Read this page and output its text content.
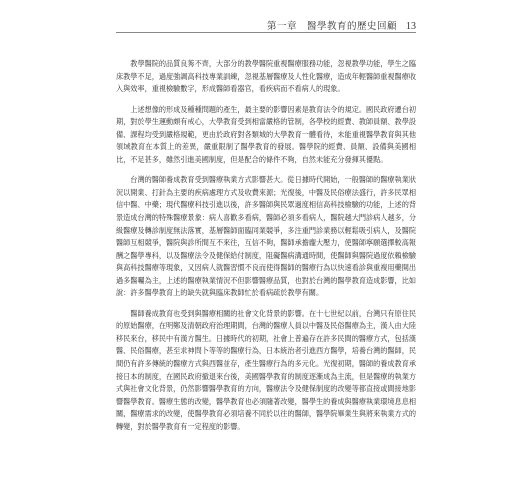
第一章　醫學教育的歷史回顧 13

教學醫院的品質良莠不齊，大部分的教學醫院重視醫療服務功能，忽視教學功能，學生之臨床教學不足，過度強調高科技專業訓練，忽視基層醫療及人性化醫療，造成年輕醫師重視醫療收入與效率，重視檢驗數字，形成醫師看器官，看疾病而不看病人的現象。

上述想像的形成及種種問題的產生，最主要的影響因素是教育法令的規定。國民政府遷台初期，對於學生運動頗有戒心，大學教育受到相當嚴格的管制，各學校的經費、教師員額、教學設備、課程均受到嚴格規範，更由於政府對各類城的大學教育一體看待，未能重視醫學教育與其他領域教育在本質上的差異，嚴重限制了醫學教育的發展。醫學院的經費、員額、設備與美國相比，不足甚多，雖然引進美國制度，但是配合的條件不夠，自然未能充分發揮其優點。

台灣的醫師養成教育受到醫療執業方式影響甚大。從日據時代開始，一般醫師的醫療執業狀況以開業、打針為主要的疾病處理方式及收費來源；光復後，中醫及民俗療法盛行，許多民眾相信中醫、中藥；現代醫療科技引進以後，許多醫師與民眾過度相信高科技檢驗的功能，上述的背景造成台灣的特殊醫療景象：病人喜歡多看病，醫師必須多看病人，醫院越大門診病人越多，分級醫療及轉診制度無法落實，基層醫師面臨同業競爭，多注重門診業務以輕鬆吸引病人，及醫院醫師互相競爭，醫院與診所間互不來往，互信不夠，醫師承擔龐大壓力，使醫師寧願選擇較高報酬之醫學專科，以及醫療法令及健保給付制度，阻礙醫病溝通時間，使醫師與醫院過度依賴檢驗與高科技醫療等現象，又因病人就醫習慣不良而使得醫師的醫療行為以快速看診與重複用藥開出過多醫囑為主，上述的醫療執業情況不但影響醫療品質，也對於台灣的醫學教育造成影響，比如說：許多醫學教育上的缺失就與臨床教師忙於看病疏於教學有關。

醫師養成教育也受到與醫療相關的社會文化背景的影響。在十七世紀以前，台灣只有原住民的原始醫療，在明鄭及清朝政府治理期間，台灣的醫療人員以中醫及民俗醫療為主，漢人由大陸移民來台，移民中有漢方醫生。日據時代的初期，社會上普遍存在許多民間的醫療方式，包括漢醫、民俗醫療，甚至求神問卜等等的醫療行為，日本統治者引進西方醫學，培養台灣的醫師，民間仍有許多傳統的醫療方式與西醫並存，產生醫療行為的多元化。光復初期，醫師的養成教育承接日本的制度，在國民政府撤退來台後，美國醫學教育的制度逐漸成為主流，但是醫療的執業方式與社會文化背景，仍然影響醫學教育的方向，醫療法令及健保制度的改變等都直接或間接地影響醫學教育。醫療生態的改變，醫學教育也必須隨著改變，醫學生的養成與醫療執業環境息息相關，醫療需求的改變，使醫學教育必須培養不同於以往的醫師，醫學院畢業生與將來執業方式的轉變，對於醫學教育有一定程度的影響。
